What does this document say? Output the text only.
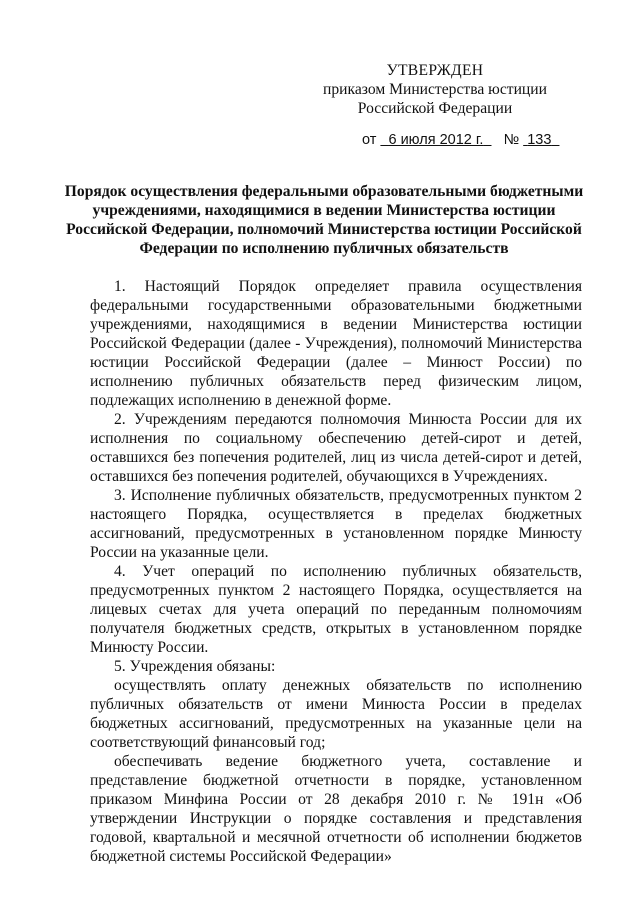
УТВЕРЖДЕН
приказом Министерства юстиции
Российской Федерации
от 6 июля 2012 г. № 133
Порядок осуществления федеральными образовательными бюджетными учреждениями, находящимися в ведении Министерства юстиции Российской Федерации, полномочий Министерства юстиции Российской Федерации по исполнению публичных обязательств

1. Настоящий Порядок определяет правила осуществления федеральными государственными образовательными бюджетными учреждениями, находящимися в ведении Министерства юстиции Российской Федерации (далее - Учреждения), полномочий Министерства юстиции Российской Федерации (далее – Минюст России) по исполнению публичных обязательств перед физическим лицом, подлежащих исполнению в денежной форме.

2. Учреждениям передаются полномочия Минюста России для их исполнения по социальному обеспечению детей-сирот и детей, оставшихся без попечения родителей, лиц из числа детей-сирот и детей, оставшихся без попечения родителей, обучающихся в Учреждениях.

3. Исполнение публичных обязательств, предусмотренных пунктом 2 настоящего Порядка, осуществляется в пределах бюджетных ассигнований, предусмотренных в установленном порядке Минюсту России на указанные цели.

4. Учет операций по исполнению публичных обязательств, предусмотренных пунктом 2 настоящего Порядка, осуществляется на лицевых счетах для учета операций по переданным полномочиям получателя бюджетных средств, открытых в установленном порядке Минюсту России.

5. Учреждения обязаны:

осуществлять оплату денежных обязательств по исполнению публичных обязательств от имени Минюста России в пределах бюджетных ассигнований, предусмотренных на указанные цели на соответствующий финансовый год;

обеспечивать ведение бюджетного учета, составление и представление бюджетной отчетности в порядке, установленном приказом Минфина России от 28 декабря 2010 г. № 191н «Об утверждении Инструкции о порядке составления и представления годовой, квартальной и месячной отчетности об исполнении бюджетов бюджетной системы Российской Федерации»
